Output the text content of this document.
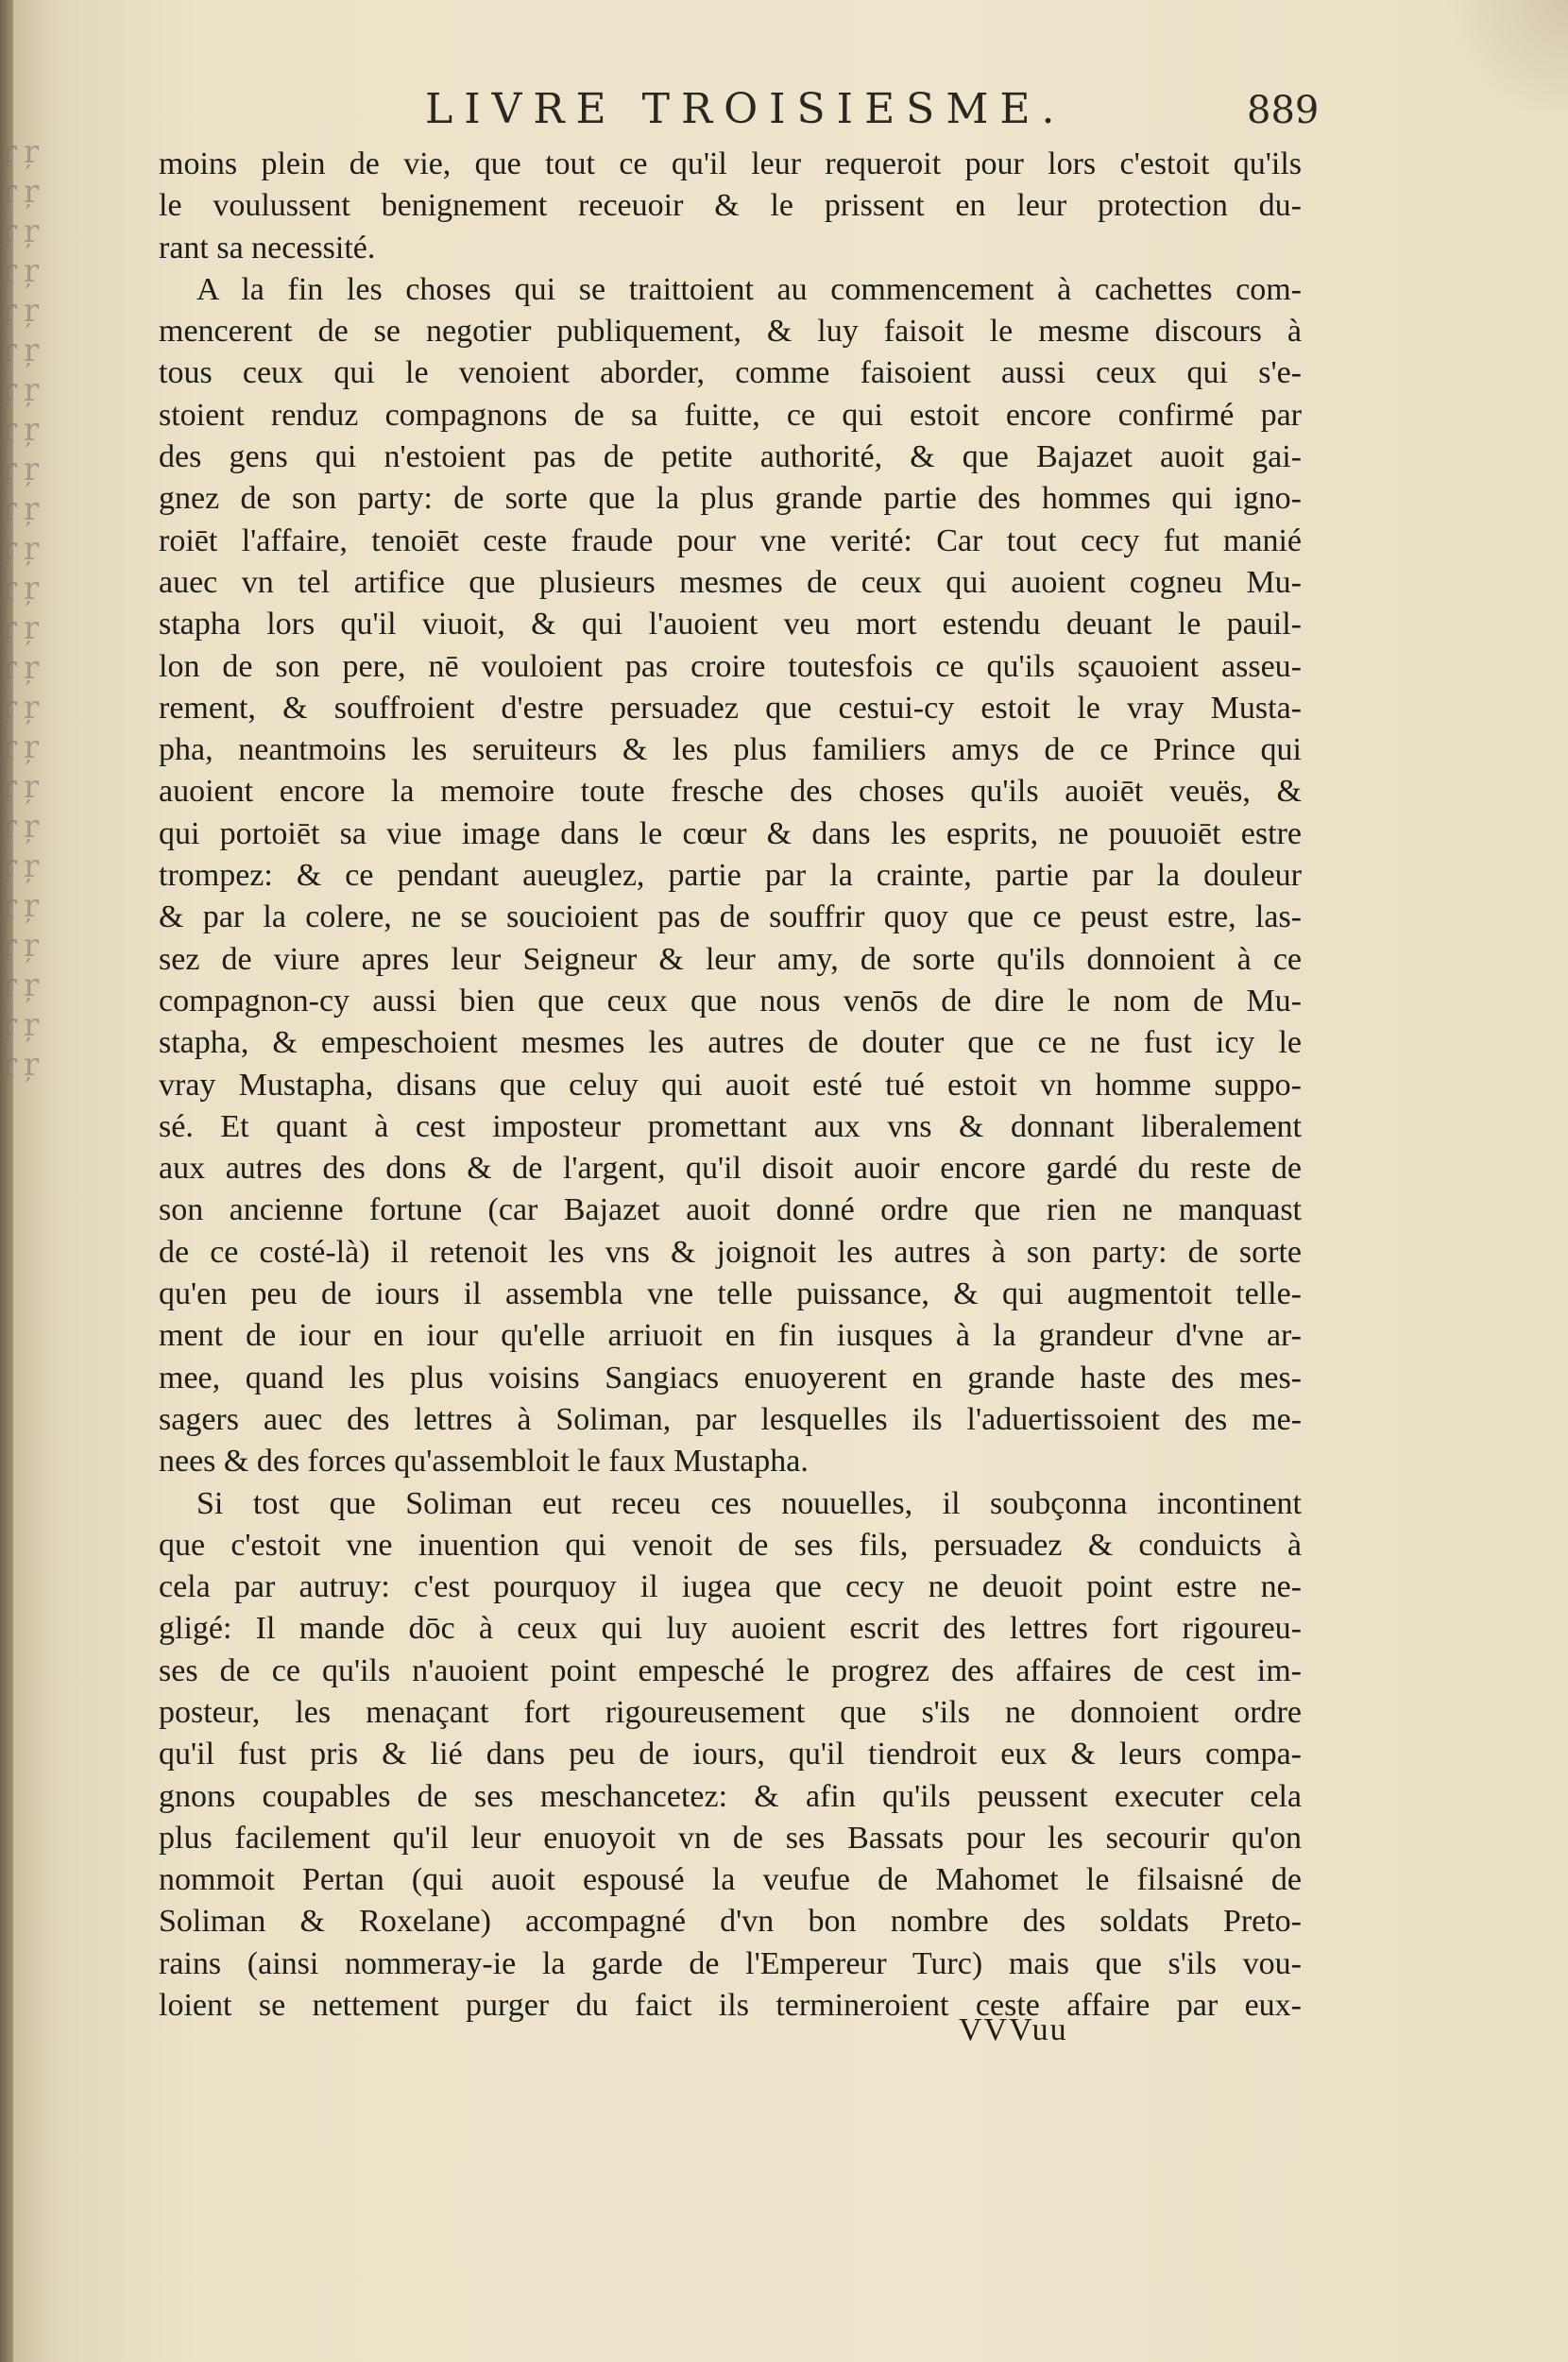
ŗ ŗ ŗ ŗ ŗ ŗ ŗ ŗ ŗ ŗ ŗ ŗ ŗ ŗ ŗ ŗ ŗ ŗ ŗ ŗ ŗ ŗ ŗ ŗ ŗ ŗ ŗ ŗ ŗ ŗ ŗ ŗ ŗ ŗ ŗ ŗ ŗ ŗ ŗ ŗ ŗ ŗ ŗ ŗ ŗ ŗ ŗ ŗ
LIVRE TROISIESME.	889
moins plein de vie, que tout ce qu'il leur requeroit pour lors c'estoit qu'ils
le voulussent benignement receuoir & le prissent en leur protection du-
rant sa necessité.
A la fin les choses qui se traittoient au commencement à cachettes com-
mencerent de se negotier publiquement, & luy faisoit le mesme discours à
tous ceux qui le venoient aborder, comme faisoient aussi ceux qui s'e-
stoient renduz compagnons de sa fuitte, ce qui estoit encore confirmé par
des gens qui n'estoient pas de petite authorité, & que Bajazet auoit gai-
gnez de son party: de sorte que la plus grande partie des hommes qui igno-
roiēt l'affaire, tenoiēt ceste fraude pour vne verité: Car tout cecy fut manié
auec vn tel artifice que plusieurs mesmes de ceux qui auoient cogneu Mu-
stapha lors qu'il viuoit, & qui l'auoient veu mort estendu deuant le pauil-
lon de son pere, nē vouloient pas croire toutesfois ce qu'ils sçauoient asseu-
rement, & souffroient d'estre persuadez que cestui-cy estoit le vray Musta-
pha, neantmoins les seruiteurs & les plus familiers amys de ce Prince qui
auoient encore la memoire toute fresche des choses qu'ils auoiēt veuës, &
qui portoiēt sa viue image dans le cœur & dans les esprits, ne pouuoiēt estre
trompez: & ce pendant aueuglez, partie par la crainte, partie par la douleur
& par la colere, ne se soucioient pas de souffrir quoy que ce peust estre, las-
sez de viure apres leur Seigneur & leur amy, de sorte qu'ils donnoient à ce
compagnon-cy aussi bien que ceux que nous venōs de dire le nom de Mu-
stapha, & empeschoient mesmes les autres de douter que ce ne fust icy le
vray Mustapha, disans que celuy qui auoit esté tué estoit vn homme suppo-
sé. Et quant à cest imposteur promettant aux vns & donnant liberalement
aux autres des dons & de l'argent, qu'il disoit auoir encore gardé du reste de
son ancienne fortune (car Bajazet auoit donné ordre que rien ne manquast
de ce costé-là) il retenoit les vns & joignoit les autres à son party: de sorte
qu'en peu de iours il assembla vne telle puissance, & qui augmentoit telle-
ment de iour en iour qu'elle arriuoit en fin iusques à la grandeur d'vne ar-
mee, quand les plus voisins Sangiacs enuoyerent en grande haste des mes-
sagers auec des lettres à Soliman, par lesquelles ils l'aduertissoient des me-
nees & des forces qu'assembloit le faux Mustapha.
Si tost que Soliman eut receu ces nouuelles, il soubçonna incontinent
que c'estoit vne inuention qui venoit de ses fils, persuadez & conduicts à
cela par autruy: c'est pourquoy il iugea que cecy ne deuoit point estre ne-
gligé: Il mande dōc à ceux qui luy auoient escrit des lettres fort rigoureu-
ses de ce qu'ils n'auoient point empesché le progrez des affaires de cest im-
posteur, les menaçant fort rigoureusement que s'ils ne donnoient ordre
qu'il fust pris & lié dans peu de iours, qu'il tiendroit eux & leurs compa-
gnons coupables de ses meschancetez: & afin qu'ils peussent executer cela
plus facilement qu'il leur enuoyoit vn de ses Bassats pour les secourir qu'on
nommoit Pertan (qui auoit espousé la veufue de Mahomet le filsaisné de
Soliman & Roxelane) accompagné d'vn bon nombre des soldats Preto-
rains (ainsi nommeray-ie la garde de l'Empereur Turc) mais que s'ils vou-
loient se nettement purger du faict ils termineroient ceste affaire par eux-
VVVuu
